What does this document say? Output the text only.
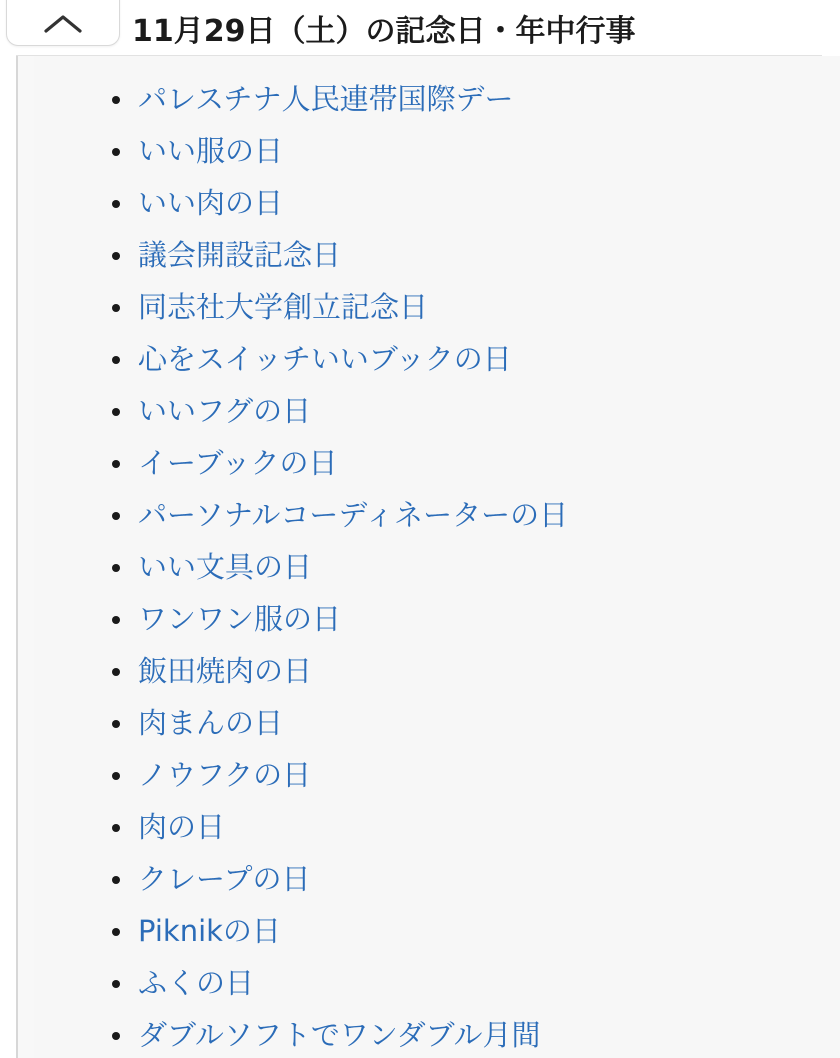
パレスチナ人民連帯国際デー
いい服の日
いい肉の日
議会開設記念日
同志社大学創立記念日
心をスイッチいいブックの日
いいフグの日
イーブックの日
パーソナルコーディネーターの日
いい文具の日
ワンワン服の日
飯田焼肉の日
肉まんの日
ノウフクの日
肉の日
クレープの日
Piknikの日
ふくの日
ダブルソフトでワンダブル月間
11月29日（土）の記念日・年中行事
